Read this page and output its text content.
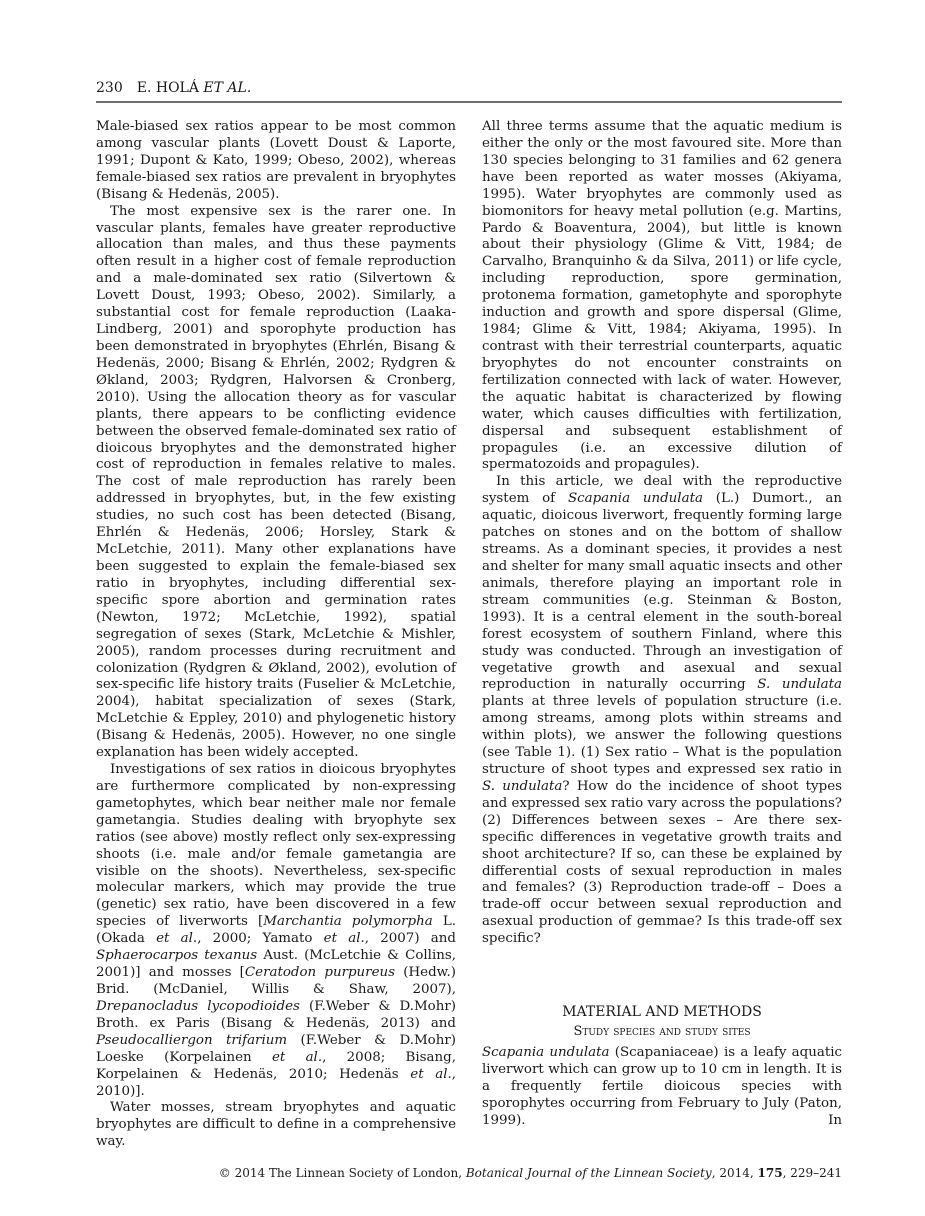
230 E. HOLÁ ET AL.

Male-biased sex ratios appear to be most common among vascular plants (Lovett Doust & Laporte, 1991; Dupont & Kato, 1999; Obeso, 2002), whereas female-biased sex ratios are prevalent in bryophytes (Bisang & Hedenäs, 2005).

The most expensive sex is the rarer one. In vascular plants, females have greater reproductive allocation than males, and thus these payments often result in a higher cost of female reproduction and a male-dominated sex ratio (Silvertown & Lovett Doust, 1993; Obeso, 2002). Similarly, a substantial cost for female reproduction (Laaka-Lindberg, 2001) and sporophyte production has been demonstrated in bryophytes (Ehrlén, Bisang & Hedenäs, 2000; Bisang & Ehrlén, 2002; Rydgren & Økland, 2003; Rydgren, Halvorsen & Cronberg, 2010). Using the allocation theory as for vascular plants, there appears to be conflicting evidence between the observed female-dominated sex ratio of dioicous bryophytes and the demonstrated higher cost of reproduction in females relative to males. The cost of male reproduction has rarely been addressed in bryophytes, but, in the few existing studies, no such cost has been detected (Bisang, Ehrlén & Hedenäs, 2006; Horsley, Stark & McLetchie, 2011). Many other explanations have been suggested to explain the female-biased sex ratio in bryophytes, including differential sex-specific spore abortion and germination rates (Newton, 1972; McLetchie, 1992), spatial segregation of sexes (Stark, McLetchie & Mishler, 2005), random processes during recruitment and colonization (Rydgren & Økland, 2002), evolution of sex-specific life history traits (Fuselier & McLetchie, 2004), habitat specialization of sexes (Stark, McLetchie & Eppley, 2010) and phylogenetic history (Bisang & Hedenäs, 2005). However, no one single explanation has been widely accepted.

Investigations of sex ratios in dioicous bryophytes are furthermore complicated by non-expressing gametophytes, which bear neither male nor female gametangia. Studies dealing with bryophyte sex ratios (see above) mostly reflect only sex-expressing shoots (i.e. male and/or female gametangia are visible on the shoots). Nevertheless, sex-specific molecular markers, which may provide the true (genetic) sex ratio, have been discovered in a few species of liverworts [Marchantia polymorpha L. (Okada et al., 2000; Yamato et al., 2007) and Sphaerocarpos texanus Aust. (McLetchie & Collins, 2001)] and mosses [Ceratodon purpureus (Hedw.) Brid. (McDaniel, Willis & Shaw, 2007), Drepanocladus lycopodioides (F.Weber & D.Mohr) Broth. ex Paris (Bisang & Hedenäs, 2013) and Pseudocalliergon trifarium (F.Weber & D.Mohr) Loeske (Korpelainen et al., 2008; Bisang, Korpelainen & Hedenäs, 2010; Hedenäs et al., 2010)].

Water mosses, stream bryophytes and aquatic bryophytes are difficult to define in a comprehensive way.

All three terms assume that the aquatic medium is either the only or the most favoured site. More than 130 species belonging to 31 families and 62 genera have been reported as water mosses (Akiyama, 1995). Water bryophytes are commonly used as biomonitors for heavy metal pollution (e.g. Martins, Pardo & Boaventura, 2004), but little is known about their physiology (Glime & Vitt, 1984; de Carvalho, Branquinho & da Silva, 2011) or life cycle, including reproduction, spore germination, protonema formation, gametophyte and sporophyte induction and growth and spore dispersal (Glime, 1984; Glime & Vitt, 1984; Akiyama, 1995). In contrast with their terrestrial counterparts, aquatic bryophytes do not encounter constraints on fertilization connected with lack of water. However, the aquatic habitat is characterized by flowing water, which causes difficulties with fertilization, dispersal and subsequent establishment of propagules (i.e. an excessive dilution of spermatozoids and propagules).

In this article, we deal with the reproductive system of Scapania undulata (L.) Dumort., an aquatic, dioicous liverwort, frequently forming large patches on stones and on the bottom of shallow streams. As a dominant species, it provides a nest and shelter for many small aquatic insects and other animals, therefore playing an important role in stream communities (e.g. Steinman & Boston, 1993). It is a central element in the south-boreal forest ecosystem of southern Finland, where this study was conducted. Through an investigation of vegetative growth and asexual and sexual reproduction in naturally occurring S. undulata plants at three levels of population structure (i.e. among streams, among plots within streams and within plots), we answer the following questions (see Table 1). (1) Sex ratio – What is the population structure of shoot types and expressed sex ratio in S. undulata? How do the incidence of shoot types and expressed sex ratio vary across the populations? (2) Differences between sexes – Are there sex-specific differences in vegetative growth traits and shoot architecture? If so, can these be explained by differential costs of sexual reproduction in males and females? (3) Reproduction trade-off – Does a trade-off occur between sexual reproduction and asexual production of gemmae? Is this trade-off sex specific?

MATERIAL AND METHODS
Study species and study sites

Scapania undulata (Scapaniaceae) is a leafy aquatic liverwort which can grow up to 10 cm in length. It is a frequently fertile dioicous species with sporophytes occurring from February to July (Paton, 1999). In

© 2014 The Linnean Society of London, Botanical Journal of the Linnean Society, 2014, 175, 229–241
